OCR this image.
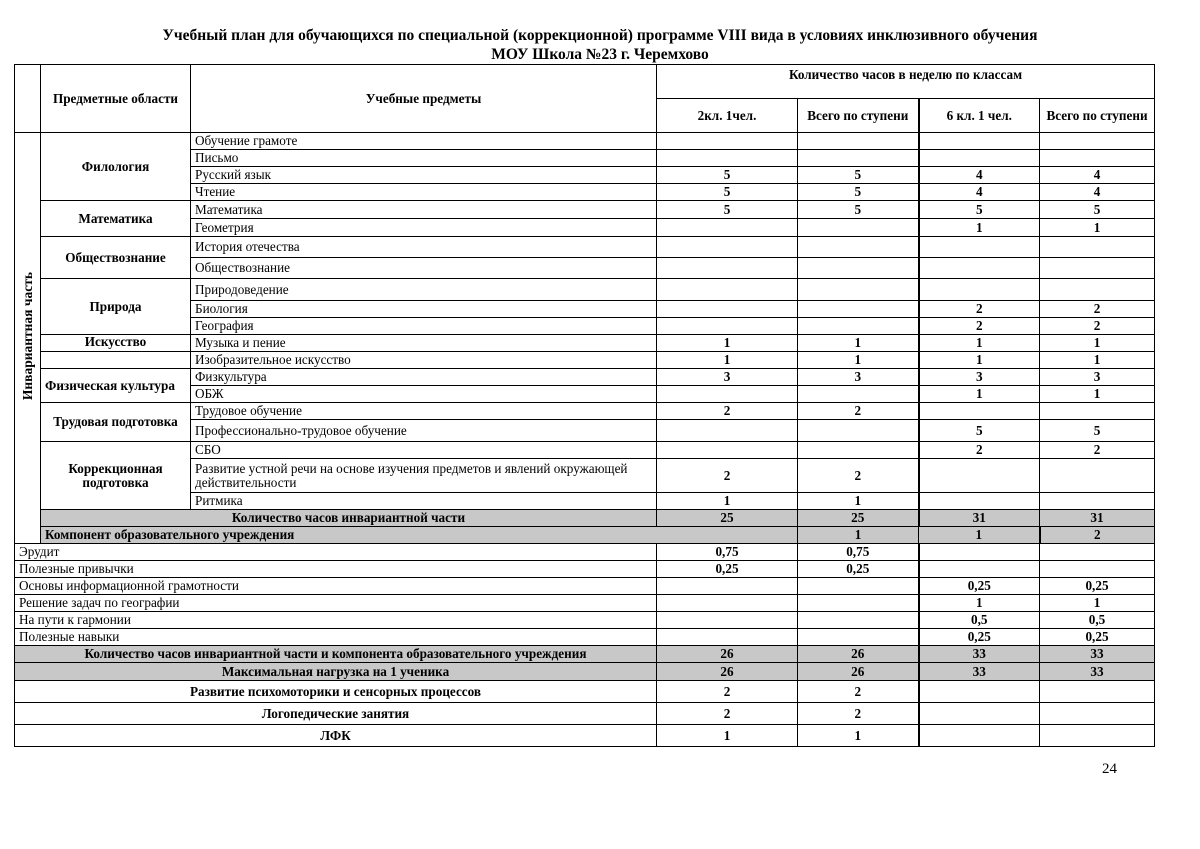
Учебный план для обучающихся по специальной (коррекционной) программе VIII вида в условиях инклюзивного обучения
МОУ Школа №23 г. Черемхово
	Предметные области	Учебные предметы	Количество часов в неделю по классам				
			2кл. 1чел.	Всего по ступени	6 кл. 1 чел.	Всего по ступени	
Инвариантная часть	Филология	Обучение грамоте					
		Письмо					
		Русский язык	5	5	4	4	
		Чтение	5	5	4	4	
	Математика	Математика	5	5	5	5	
		Геометрия			1	1	
	Обществознание	История отечества					
		Обществознание					
	Природа	Природоведение					
		Биология			2	2	
		География			2	2	
	Искусство	Музыка и пение	1	1	1	1	
		Изобразительное искусство	1	1	1	1	
	Физическая культура	Физкультура	3	3	3	3	
		ОБЖ			1	1	
	Трудовая подготовка	Трудовое обучение	2	2			
		Профессионально-трудовое обучение			5	5	
	Коррекционная подготовка	СБО			2	2	
		Развитие устной речи на основе изучения предметов и явлений окружающей действительности	2	2			
		Ритмика	1	1			
	Количество часов инвариантной части		25	25	31	31	
	Компонент образовательного учреждения			1	1	2	
Эрудит			0,75	0,75			
Полезные привычки			0,25	0,25			
Основы информационной грамотности					0,25	0,25	
Решение задач по географии					1	1	
На пути к гармонии					0,5	0,5	
Полезные навыки					0,25	0,25	
Количество часов инвариантной части и компонента образовательного учреждения			26	26	33	33	
Максимальная нагрузка на 1 ученика			26	26	33	33	
Развитие психомоторики и сенсорных процессов			2	2			
Логопедические занятия			2	2			
ЛФК			1	1			
24
